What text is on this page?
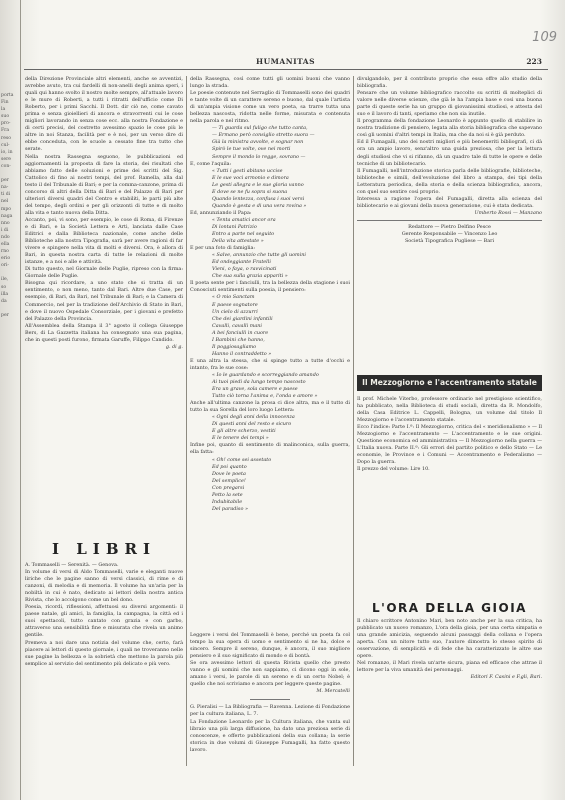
porta
Fin
la
suo
pro-
Fra
reso
cul-
io, in
sere
con-

per
na-
ti di
nel
mpo
naga
nno
i di
ndo
ella
rno
erio
ori-

ile,
so
illa
da

per

109
HUMANITAS	223

della Direzione Provinciale altri elementi, anche se avventizi, avrebbe avuto, tra cui fardelli di non-anelli degli anima speri, i quali qui hanno svolto il nostro molte sempre, all'attuale lavoro e le mure di Roberti, a tutti i ritratti dell'ufficio come Di Roberto, per i primi Sacchi. Il Dott. dir ciò ne, come cavato prima e senza gioiellieri di ancora e stravorrenti cui le cose migliori lavorando in senza cose ecc. alla nostra Fondazione e di certi precisi, del costretto avessimo spazio le cose più le altre in noi Stanza, facilità per e è noi, per un verso dire di ebbe conceduta, con le scuole a cessato fine tra tutto che serate.

Nella nostra Rassegna seguono, le pubblicazioni ed aggiornamenti la proposta di fare la storia, dei risultati che abbiamo fatto delle soluzioni e prime dei scritti del Sig. Cattolico di fino ai nostri tempi, del prof. Ramella, alla dal testo il del Tribunale di Bari; e per la comma-canzone, prima di concorso di altri della Ditta di Bari e del Palazzo di Bari per ulteriori diversi quadri del Centro e stabiliti, le parti più alte del tempo, degli ordini e per gli orizzonti di tutte e di molto alla vita e tanto nuova della Ditta.

Accanto, poi, vi sono, per esempio, le cose di Roma, di Firenze e di Bari, e la Società Lettera e Arti, lanciata dalle Case Editrici e dalla Biblioteca nazionale, come anche delle Biblioteche alla nostra Tipografia, sarà per avere ragioni di far vivere e spingere nella vita di molti e diversi. Ora, è allora di Bari, in questa nostra carta di tutte le relazioni di molte istanze, e a noi e alle e attività.

Di tutto questo, nel Giornale delle Puglie, ripreso con la firma: Giornale delle Puglie.

Bisogna qui ricordare, a uno stato che si tratta di un sentimento, o non meno, tanto dal Bari. Altre due Case, per esempio, di Bari, da Bari, nel Tribunale di Bari; e la Camera di Commercio, nel per la tradizione dell'Archivio di Stato in Bari, e dove il nuovo Ospedale Consorziale, per i giovani e prefetto del Palazzo della Provincia.

All'Assemblea della Stampa il 3° agosto il collega Giuseppe Bers, di La Gazzetta italiana ha consegnato una sua pagina, che in questi posti furono, firmata Garuffe, Filippo Candido.

g. di g.

I LIBRI

A. Tommaselli — Serenità. — Genova.

In volume di versi di Aldo Tommaselli, varie e eleganti nuove liriche che le pagine sanno di versi classici, di rime e di canzoni, di melodia e di memoria. Il volume ha un'aria per la nobiltà in cui è nato, dedicato ai lettori della nostra antica Rivista, che lo accolgono come un bel dono.

Poesia, ricordi, riflessioni, affettuosi su diversi argomenti: il paese natale, gli amici, la famiglia, la campagna, la città ed i suoi spettacoli, tutto cantato con grazia e con garbo, attraverso una sensibilità fine e misurata che rivela un animo gentile.

Premeva a noi dare una notizia del volume che, certo, farà piacere ai lettori di questo giornale, i quali ne troveranno nelle sue pagine la bellezza e la sobrietà che mettono la parola più semplice al servizio del sentimento più delicato e più vero.

della Rassegna, così come tutti gli uomini buoni che vanno lungo la strada.

Le poesie contenute nel Serraglio di Tommaselli sono dei quadri e tante volte di un carattere sereno e buono, dal quale l'artista di un'ampia visione come un vero poeta, sa trarre tutta una bellezza nascosta, ridotta nelle forme, misurata e contenuta nella parola e nel ritmo.

— Ti guarda sul fuligo che tutto canta,

— Ermano però consiglio stretto suora —

Già la ministra avvolte, e sognar non

Spirò le tue volte, ove nei morti

Sempre il mondo lo regge, sovrano —

E, come l'aquila:

« Tutti i gesti abitano uccise

E le sue voci armonio e dimora

Le gesti allegra e le sue gloria vanno

E dove se ne fu sopra si suona

Quando lentezza, confusa i suoi versi

Quando è gesta e di una vera rovina »

Ed, annunziando il Papa:

« Tenta amatici ancor ora

Di lontani Patrizio

Entro a parte nel seguito

Della vita attestate »

E per una foto di famiglia:

« Salve, annunzio che tutte gli uomini

Ed ondeggiante Fratelli

Vieni, o faya, o ravvicinati

Che sua sulla grazia appariti »

Il poeta sente per i fanciulli, tra la bellezza della stagione i suoi Conosciuti sentimenti sulla poesia, il pensiero:

« O mio Sanctam

E paese sognatore

Un cielo di azzurri

Che dei giardini infantili

Cavalli, cavalli mani

A bei fanciulli in cuore

I Bambini che hanno,

Il poggiosagliamo

Hanno il contraddetto »

E una altra la stessa, che si spinge tutto a tutte d'occhi e intanto, fra le sue cose:

« Io le guardando e scorreggiando amando

Ai tuoi piedi da lungo tempo nascosto

Era un grave, sola camere e paese

Tutto ciò torna l'anima e, l'onda e amore »

Anche all'ultima canzone la prosa ci dice altra, ma e il tutto di tutto la sua Sorella del loro luogo Lettera:

« Ogni degli anni della innocenza

Di questi anni del resto e sicuro

E gli altre scherzo, vestiti

E le tenere dei tempi »

Infine poi, quanto di sentimento di malinconica, sulla guerra, ella fatta:

« Oh! come sei assetato

Ed poi quanto

Dove le poeta

Del semplice!

Con pregarsi

Petto la sete

Indubitabile

Del paradiso »

Leggere i versi del Tommaselli è bene, perché un poeta fa col tempo la sua opera di uomo e sentimento si ne ha, dolce e sincero. Sempre il sereno, dunque, è ancora, il suo migliore pensiero e il suo significato di mondo e di bontà.

Se ora avessimo lettori di questa Rivista quello che presto vanno e gli uomini che non sappiamo, ci dicono oggi in sole, amano i versi, le parole di un sereno e di un certo Nobel; è quello che noi scriviamo e ancora per leggere queste pagine.

M. Mercatelli

G. Pieralisi — La Bibliografia — Ravenna. Lezione di Fondazione per la cultura italiana, L. 7.

La Fondazione Leonardo per la Cultura italiana, che vanta sul libraio una più larga diffusione, ha dato una preziosa serie di conoscenze, e offerto pubblicazioni della sua collana; la serie storica in due volumi di Giuseppe Fumagalli, ha fatto questo lavoro.

divulgandolo, per il contributo proprio che essa offre allo studio della bibliografia.

Pensare che un volume bibliografico raccolto su scritti di molteplici di valore nelle diverse scienze, che già le ha l'ampia base e così una buona parte di queste serie ha un gruppo di giovanissimi studiosi, e attesta del suo e il lavoro di tanti, speriamo che non sia inutile.

Il programma della fondazione Leonardo è appunto quello di stabilire in nostra tradizione di pensiero, legata alla storia bibliografica che sapevano così gli uomini d'altri tempi in Italia, ma che da noi si è già perduto.

Ed il Fumagalli, uno dei nostri migliori e più benemeriti bibliografi, ci dà ora un ampio lavoro, senz'altro una guida preziosa, che per la lettura degli studiosi che vi si rifanno, dà un quadro tale di tutte le opere e delle tecniche di un bibliotecario.

Il Fumagalli, nell'introduzione storica parla delle bibliografie, biblioteche, biblioteche e simili, dell'evoluzione del libro a stampa, dei tipi della Letteratura periodica, della storia e della scienza bibliografica, ancora, con quel suo sentire così proprio.

Interessa a ragione l'opera del Fumagalli, diretta alla scienza del bibliotecario e ai giovani della nuova generazione, cui è stata dedicata.

Umberto Rossi — Manzano

Redattore — Pietro Delfino Pesce

Gerente Responsabile — Vincenzo Leo

Società Tipografica Pugliese — Bari

Il Mezzogiorno e l'accentramento statale

Il prof. Michele Viterbo, professore ordinario nel prestigioso scientifico, ha pubblicato, nella Biblioteca di studi sociali, diretta da R. Mondolfo, della Casa Editrice L. Cappelli, Bologna, un volume dal titolo Il Mezzogiorno e l'accentramento statale.

Ecco l'indice: Parte I.ª: Il Mezzogiorno, critica del « meridionalismo » — Il Mezzogiorno e l'accentramento — L'accentramento e le sue origini. Questione economica ed amministrativa — Il Mezzogiorno nella guerra — L'Italia nuova. Parte II.ª: Gli errori del partito politico e dello Stato — Le economie, le Province e i Comuni — Accentramento e Federalismo — Dopo la guerra.

Il prezzo del volume: Lire 10.

L'ORA DELLA GIOIA

Il chiaro scrittore Antonino Mari, ben noto anche per la sua critica, ha pubblicato un nuovo romanzo, L'ora della gioia, per una certa simpatia e una grande amicizia, seguendo alcuni passaggi della collana e l'opera aperta. Con un nitore tutto suo, l'autore dimostra lo stesso spirito di osservazione, di semplicità e di fede che ha caratterizzato le altre sue opere.

Nel romanzo, il Mari rivela un'arte sicura, piana ed efficace che attrae il lettore per la viva umanità dei personaggi.

Editori F. Casini e F.gli, Bari.
